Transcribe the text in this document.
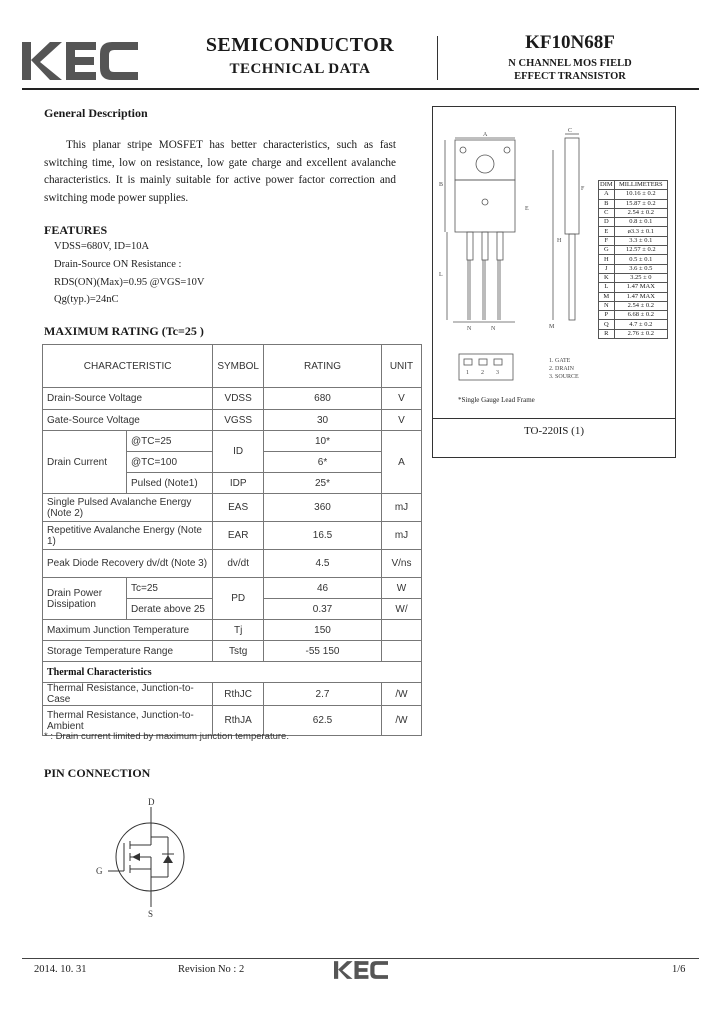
SEMICONDUCTOR
TECHNICAL DATA
KF10N68F
N CHANNEL MOS FIELD
EFFECT TRANSISTOR
General Description
This planar stripe MOSFET has better characteristics, such as fast switching time, low on resistance, low gate charge and excellent avalanche characteristics. It is mainly suitable for active power factor correction and switching mode power supplies.
FEATURES
VDSS=680V, ID=10A
Drain-Source ON Resistance :
RDS(ON)(Max)=0.95 @VGS=10V
Qg(typ.)=24nC
MAXIMUM RATING (Tc=25 )
A
C
B
L
N	N	M
H
E
F
1 2 3
1. GATE
2. DRAIN
3. SOURCE
DIM	MILLIMETERS
A	10.16 ± 0.2
B	15.87 ± 0.2
C	2.54 ± 0.2
D	0.8 ± 0.1
E	ø3.3 ± 0.1
F	3.3 ± 0.1
G	12.57 ± 0.2
H	0.5 ± 0.1
J	3.6 ± 0.5
K	3.25 ± 0
L	1.47 MAX
M	1.47 MAX
N	2.54 ± 0.2
P	6.68 ± 0.2
Q	4.7 ± 0.2
R	2.76 ± 0.2
*Single Gauge Lead Frame
TO-220IS (1)
CHARACTERISTIC		SYMBOL	RATING	UNIT
Drain-Source Voltage		VDSS	680	V
Gate-Source Voltage		VGSS	30	V
Drain Current	@TC=25	ID	10*	A
	@TC=100		6*	
	Pulsed (Note1)	IDP	25*	
Single Pulsed Avalanche Energy (Note 2)		EAS	360	mJ
Repetitive Avalanche Energy (Note 1)		EAR	16.5	mJ
Peak Diode Recovery dv/dt (Note 3)		dv/dt	4.5	V/ns
Drain Power Dissipation	Tc=25	PD	46	W
	Derate above 25		0.37	W/
Maximum Junction Temperature		Tj	150	
Storage Temperature Range		Tstg	-55 150	
Thermal Characteristics				
Thermal Resistance, Junction-to-Case		RthJC	2.7	/W
Thermal Resistance, Junction-to-Ambient		RthJA	62.5	/W
* : Drain current limited by maximum junction temperature.
PIN CONNECTION
D
G
S
2014. 10. 31	Revision No : 2	1/6
